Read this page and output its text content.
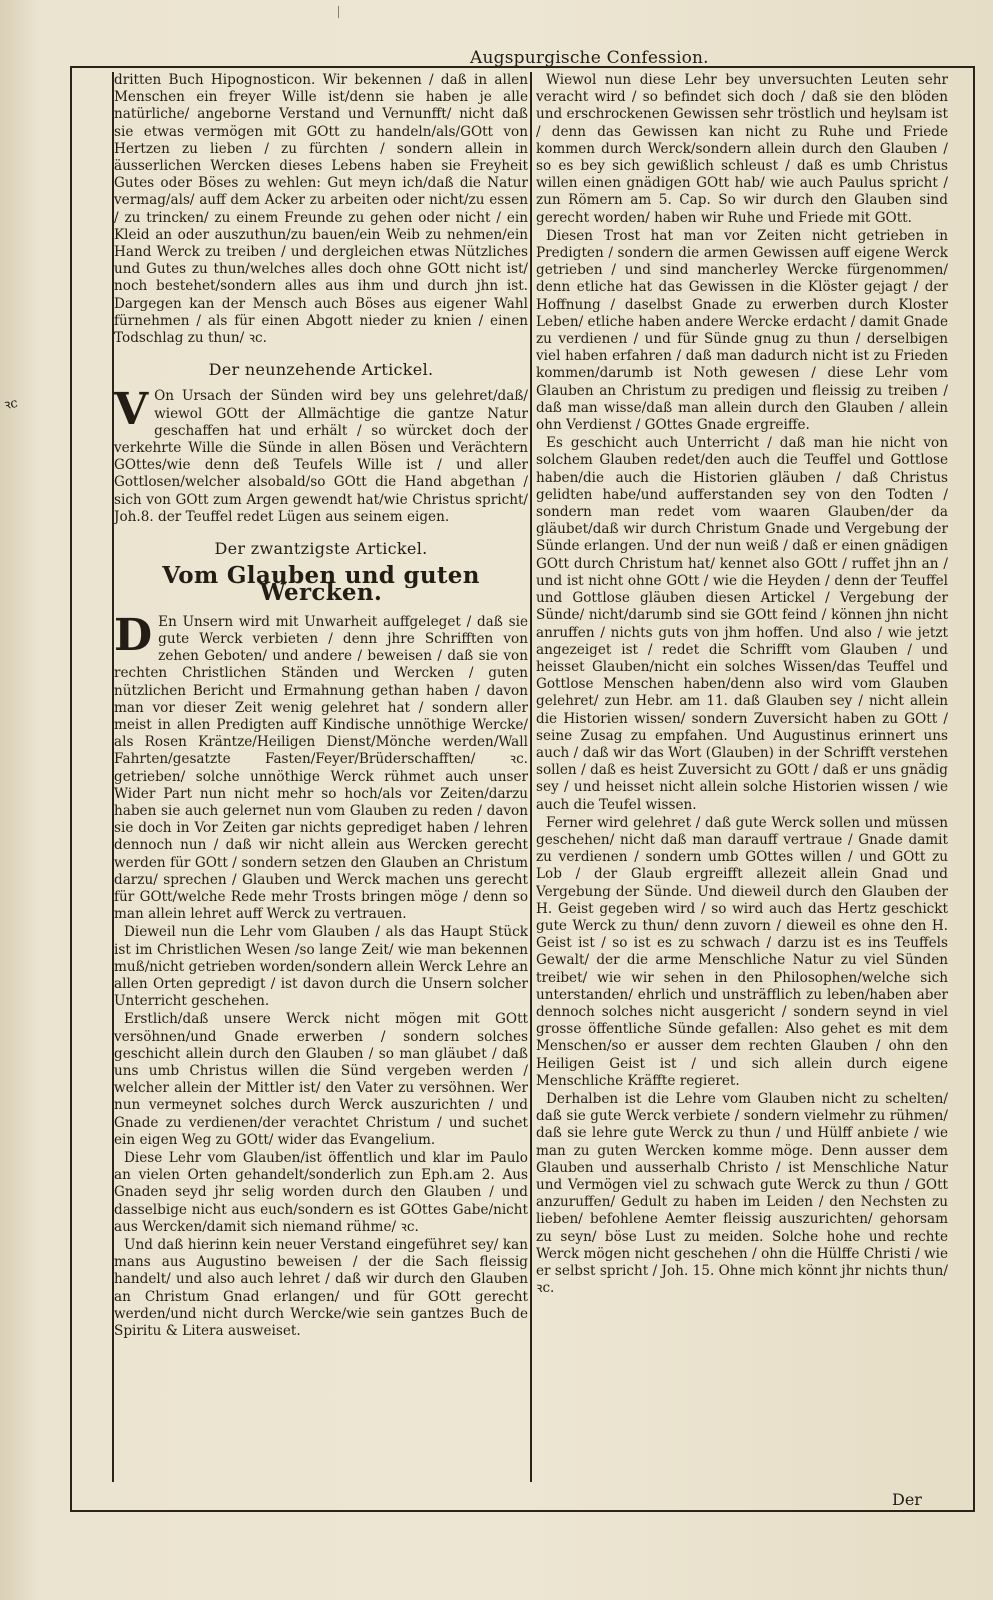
Augspurgische Confession.
ꝛc

dritten Buch Hipognosticon. Wir bekennen / daß in allen Menschen ein freyer Wille ist/denn sie haben je alle natürliche/ angeborne Verstand und Vernunfft/ nicht daß sie etwas vermögen mit GOtt zu handeln/als/GOtt von Hertzen zu lieben / zu fürchten / sondern allein in äusserlichen Wercken dieses Lebens haben sie Freyheit Gutes oder Böses zu wehlen: Gut meyn ich/daß die Natur vermag/als/ auff dem Acker zu arbeiten oder nicht/zu essen / zu trincken/ zu einem Freunde zu gehen oder nicht / ein Kleid an oder auszuthun/zu bauen/ein Weib zu nehmen/ein Hand Werck zu treiben / und dergleichen etwas Nützliches und Gutes zu thun/welches alles doch ohne GOtt nicht ist/ noch bestehet/sondern alles aus ihm und durch jhn ist. Dargegen kan der Mensch auch Böses aus eigener Wahl fürnehmen / als für einen Abgott nieder zu knien / einen Todschlag zu thun/ ꝛc.

Der neunzehende Artickel.

V On Ursach der Sünden wird bey uns gelehret/daß/ wiewol GOtt der Allmächtige die gantze Natur geschaffen hat und erhält / so würcket doch der verkehrte Wille die Sünde in allen Bösen und Verächtern GOttes/wie denn deß Teufels Wille ist / und aller Gottlosen/welcher alsobald/so GOtt die Hand abgethan / sich von GOtt zum Argen gewendt hat/wie Christus spricht/ Joh.8. der Teuffel redet Lügen aus seinem eigen.

Der zwantzigste Artickel.
Vom Glauben und guten Wercken.

D En Unsern wird mit Unwarheit auffgeleget / daß sie gute Werck verbieten / denn jhre Schrifften von zehen Geboten/ und andere / beweisen / daß sie von rechten Christlichen Ständen und Wercken / guten nützlichen Bericht und Ermahnung gethan haben / davon man vor dieser Zeit wenig gelehret hat / sondern aller meist in allen Predigten auff Kindische unnöthige Wercke/ als Rosen Kräntze/Heiligen Dienst/Mönche werden/Wall Fahrten/gesatzte Fasten/Feyer/Brüderschafften/ ꝛc. getrieben/ solche unnöthige Werck rühmet auch unser Wider Part nun nicht mehr so hoch/als vor Zeiten/darzu haben sie auch gelernet nun vom Glauben zu reden / davon sie doch in Vor Zeiten gar nichts geprediget haben / lehren dennoch nun / daß wir nicht allein aus Wercken gerecht werden für GOtt / sondern setzen den Glauben an Christum darzu/ sprechen / Glauben und Werck machen uns gerecht für GOtt/welche Rede mehr Trosts bringen möge / denn so man allein lehret auff Werck zu vertrauen.

Dieweil nun die Lehr vom Glauben / als das Haupt Stück ist im Christlichen Wesen /so lange Zeit/ wie man bekennen muß/nicht getrieben worden/sondern allein Werck Lehre an allen Orten gepredigt / ist davon durch die Unsern solcher Unterricht geschehen.

Erstlich/daß unsere Werck nicht mögen mit GOtt versöhnen/und Gnade erwerben / sondern solches geschicht allein durch den Glauben / so man gläubet / daß uns umb Christus willen die Sünd vergeben werden / welcher allein der Mittler ist/ den Vater zu versöhnen. Wer nun vermeynet solches durch Werck auszurichten / und Gnade zu verdienen/der verachtet Christum / und suchet ein eigen Weg zu GOtt/ wider das Evangelium.

Diese Lehr vom Glauben/ist öffentlich und klar im Paulo an vielen Orten gehandelt/sonderlich zun Eph.am 2. Aus Gnaden seyd jhr selig worden durch den Glauben / und dasselbige nicht aus euch/sondern es ist GOttes Gabe/nicht aus Wercken/damit sich niemand rühme/ ꝛc.

Und daß hierinn kein neuer Verstand eingeführet sey/ kan mans aus Augustino beweisen / der die Sach fleissig handelt/ und also auch lehret / daß wir durch den Glauben an Christum Gnad erlangen/ und für GOtt gerecht werden/und nicht durch Wercke/wie sein gantzes Buch de Spiritu & Litera ausweiset.

Wiewol nun diese Lehr bey unversuchten Leuten sehr veracht wird / so befindet sich doch / daß sie den blöden und erschrockenen Gewissen sehr tröstlich und heylsam ist / denn das Gewissen kan nicht zu Ruhe und Friede kommen durch Werck/sondern allein durch den Glauben / so es bey sich gewißlich schleust / daß es umb Christus willen einen gnädigen GOtt hab/ wie auch Paulus spricht / zun Römern am 5. Cap. So wir durch den Glauben sind gerecht worden/ haben wir Ruhe und Friede mit GOtt.

Diesen Trost hat man vor Zeiten nicht getrieben in Predigten / sondern die armen Gewissen auff eigene Werck getrieben / und sind mancherley Wercke fürgenommen/ denn etliche hat das Gewissen in die Klöster gejagt / der Hoffnung / daselbst Gnade zu erwerben durch Kloster Leben/ etliche haben andere Wercke erdacht / damit Gnade zu verdienen / und für Sünde gnug zu thun / derselbigen viel haben erfahren / daß man dadurch nicht ist zu Frieden kommen/darumb ist Noth gewesen / diese Lehr vom Glauben an Christum zu predigen und fleissig zu treiben / daß man wisse/daß man allein durch den Glauben / allein ohn Verdienst / GOttes Gnade ergreiffe.

Es geschicht auch Unterricht / daß man hie nicht von solchem Glauben redet/den auch die Teuffel und Gottlose haben/die auch die Historien gläuben / daß Christus gelidten habe/und aufferstanden sey von den Todten / sondern man redet vom waaren Glauben/der da gläubet/daß wir durch Christum Gnade und Vergebung der Sünde erlangen. Und der nun weiß / daß er einen gnädigen GOtt durch Christum hat/ kennet also GOtt / ruffet jhn an / und ist nicht ohne GOtt / wie die Heyden / denn der Teuffel und Gottlose gläuben diesen Artickel / Vergebung der Sünde/ nicht/darumb sind sie GOtt feind / können jhn nicht anruffen / nichts guts von jhm hoffen. Und also / wie jetzt angezeiget ist / redet die Schrifft vom Glauben / und heisset Glauben/nicht ein solches Wissen/das Teuffel und Gottlose Menschen haben/denn also wird vom Glauben gelehret/ zun Hebr. am 11. daß Glauben sey / nicht allein die Historien wissen/ sondern Zuversicht haben zu GOtt / seine Zusag zu empfahen. Und Augustinus erinnert uns auch / daß wir das Wort (Glauben) in der Schrifft verstehen sollen / daß es heist Zuversicht zu GOtt / daß er uns gnädig sey / und heisset nicht allein solche Historien wissen / wie auch die Teufel wissen.

Ferner wird gelehret / daß gute Werck sollen und müssen geschehen/ nicht daß man darauff vertraue / Gnade damit zu verdienen / sondern umb GOttes willen / und GOtt zu Lob / der Glaub ergreifft allezeit allein Gnad und Vergebung der Sünde. Und dieweil durch den Glauben der H. Geist gegeben wird / so wird auch das Hertz geschickt gute Werck zu thun/ denn zuvorn / dieweil es ohne den H. Geist ist / so ist es zu schwach / darzu ist es ins Teuffels Gewalt/ der die arme Menschliche Natur zu viel Sünden treibet/ wie wir sehen in den Philosophen/welche sich unterstanden/ ehrlich und unsträfflich zu leben/haben aber dennoch solches nicht ausgericht / sondern seynd in viel grosse öffentliche Sünde gefallen: Also gehet es mit dem Menschen/so er ausser dem rechten Glauben / ohn den Heiligen Geist ist / und sich allein durch eigene Menschliche Kräffte regieret.

Derhalben ist die Lehre vom Glauben nicht zu schelten/ daß sie gute Werck verbiete / sondern vielmehr zu rühmen/ daß sie lehre gute Werck zu thun / und Hülff anbiete / wie man zu guten Wercken komme möge. Denn ausser dem Glauben und ausserhalb Christo / ist Menschliche Natur und Vermögen viel zu schwach gute Werck zu thun / GOtt anzuruffen/ Gedult zu haben im Leiden / den Nechsten zu lieben/ befohlene Aemter fleissig auszurichten/ gehorsam zu seyn/ böse Lust zu meiden. Solche hohe und rechte Werck mögen nicht geschehen / ohn die Hülffe Christi / wie er selbst spricht / Joh. 15. Ohne mich könnt jhr nichts thun/ ꝛc.

Der
